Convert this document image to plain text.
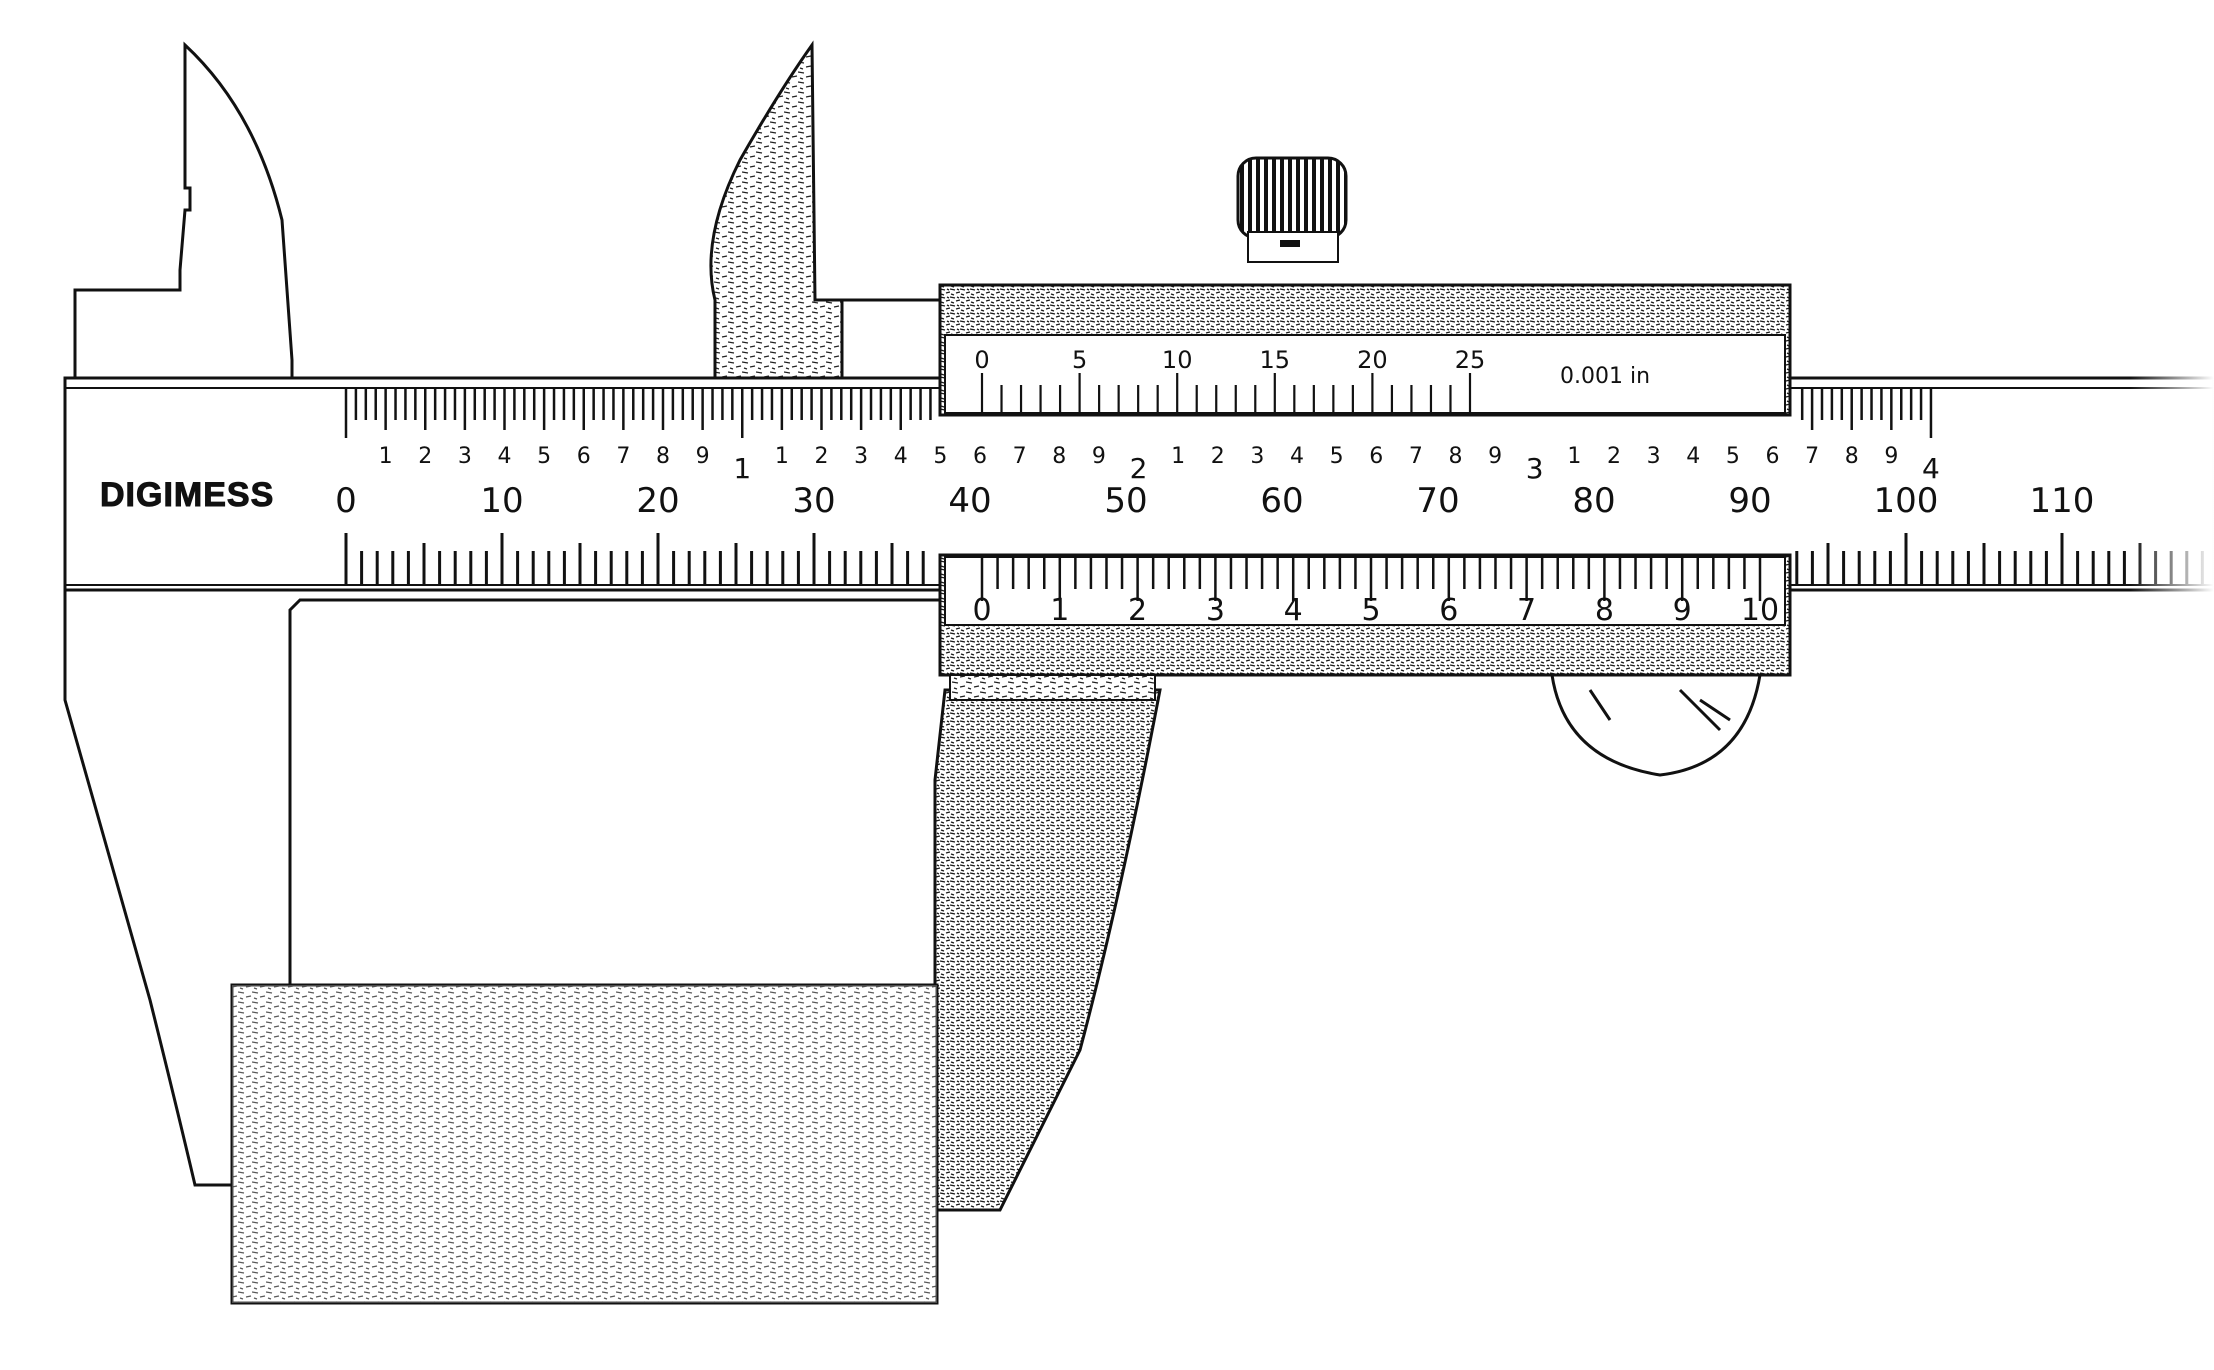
0	10	20	30	40	50	60	70	80	90	100	110
1 2 3 4 5 6 7 8 9 1 1 2 3 4 5 6 7 8 9 2 1 2 3 4 5 6 7 8 9 3 1 2 3 4 5 6 7 8 9 4
DIGIMESS
0	5	10	15	20	25
0.001 in
0 1 2 3 4 5 6 7 8 9 10
